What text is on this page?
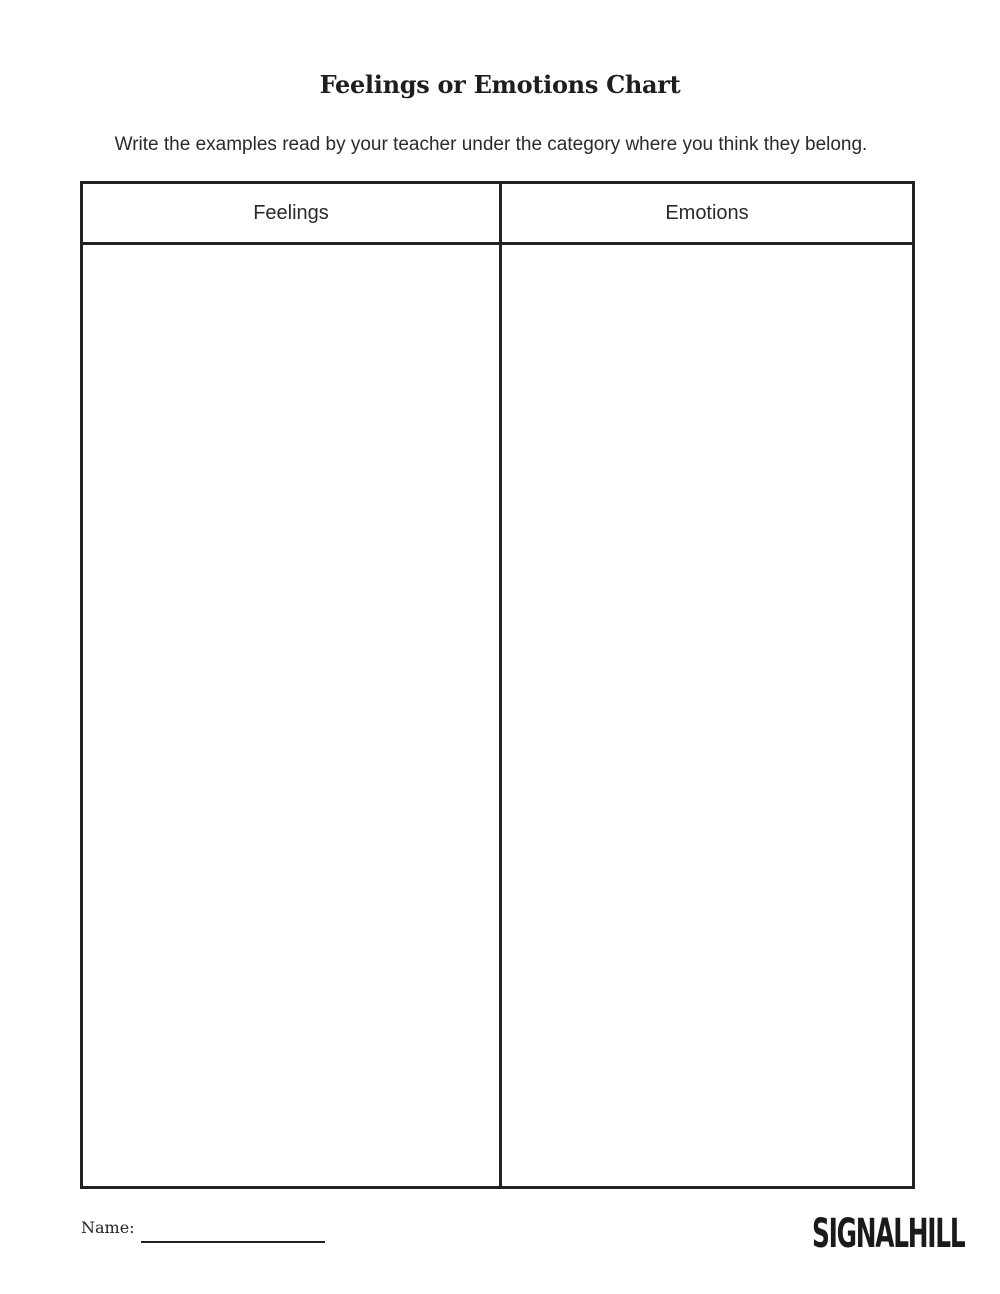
Feelings or Emotions Chart
Write the examples read by your teacher under the category where you think they belong.
Feelings	Emotions
Name:	SIGNALHILL
